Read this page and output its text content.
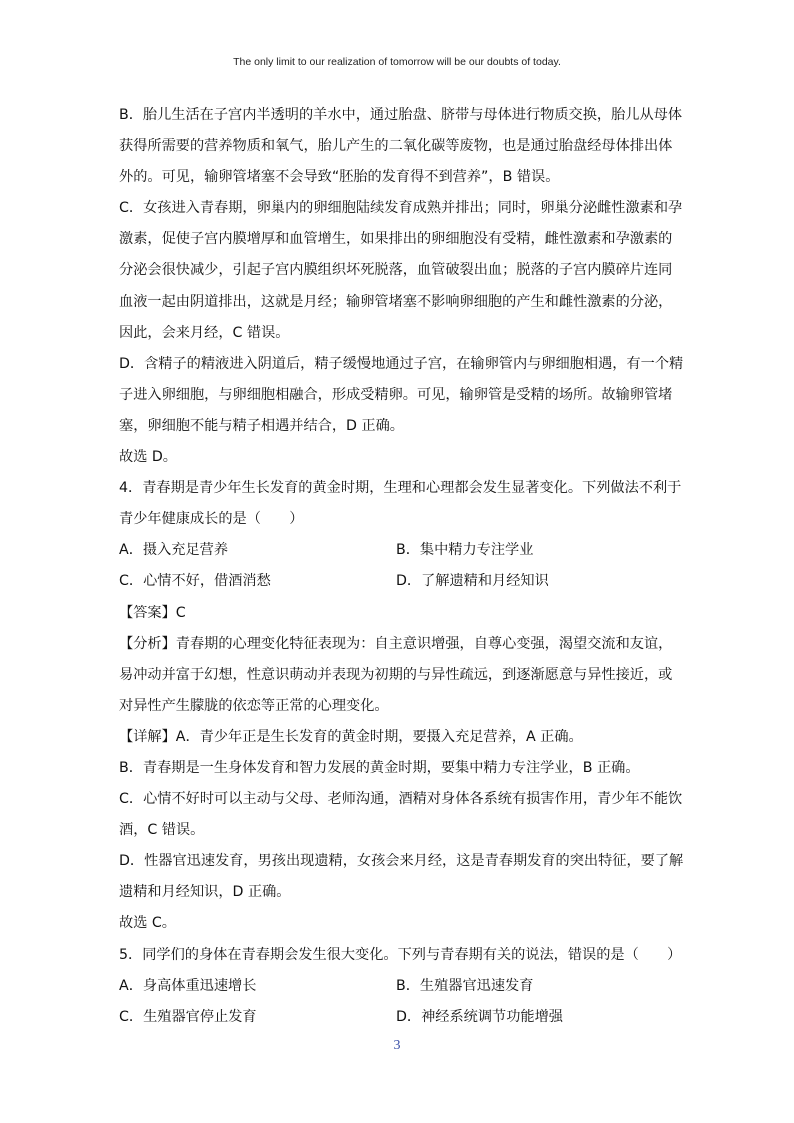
The only limit to our realization of tomorrow will be our doubts of today.

B．胎儿生活在子宫内半透明的羊水中，通过胎盘、脐带与母体进行物质交换，胎儿从母体获得所需要的营养物质和氧气，胎儿产生的二氧化碳等废物，也是通过胎盘经母体排出体外的。可见，输卵管堵塞不会导致“胚胎的发育得不到营养”，B 错误。

C．女孩进入青春期，卵巢内的卵细胞陆续发育成熟并排出；同时，卵巢分泌雌性激素和孕激素，促使子宫内膜增厚和血管增生，如果排出的卵细胞没有受精，雌性激素和孕激素的分泌会很快减少，引起子宫内膜组织坏死脱落，血管破裂出血；脱落的子宫内膜碎片连同血液一起由阴道排出，这就是月经；输卵管堵塞不影响卵细胞的产生和雌性激素的分泌，因此，会来月经，C 错误。

D．含精子的精液进入阴道后，精子缓慢地通过子宫，在输卵管内与卵细胞相遇，有一个精子进入卵细胞，与卵细胞相融合，形成受精卵。可见，输卵管是受精的场所。故输卵管堵塞，卵细胞不能与精子相遇并结合，D 正确。

故选 D。

4．青春期是青少年生长发育的黄金时期，生理和心理都会发生显著变化。下列做法不利于青少年健康成长的是（　　）

A．摄入充足营养	B．集中精力专注学业
C．心情不好，借酒消愁	D．了解遗精和月经知识

【答案】C

【分析】青春期的心理变化特征表现为：自主意识增强，自尊心变强，渴望交流和友谊，易冲动并富于幻想，性意识萌动并表现为初期的与异性疏远，到逐渐愿意与异性接近，或对异性产生朦胧的依恋等正常的心理变化。

【详解】A．青少年正是生长发育的黄金时期，要摄入充足营养，A 正确。

B．青春期是一生身体发育和智力发展的黄金时期，要集中精力专注学业，B 正确。

C．心情不好时可以主动与父母、老师沟通，酒精对身体各系统有损害作用，青少年不能饮酒，C 错误。

D．性器官迅速发育，男孩出现遗精，女孩会来月经，这是青春期发育的突出特征，要了解遗精和月经知识，D 正确。

故选 C。

5．同学们的身体在青春期会发生很大变化。下列与青春期有关的说法，错误的是（　　）

A．身高体重迅速增长	B．生殖器官迅速发育
C．生殖器官停止发育	D．神经系统调节功能增强
3
